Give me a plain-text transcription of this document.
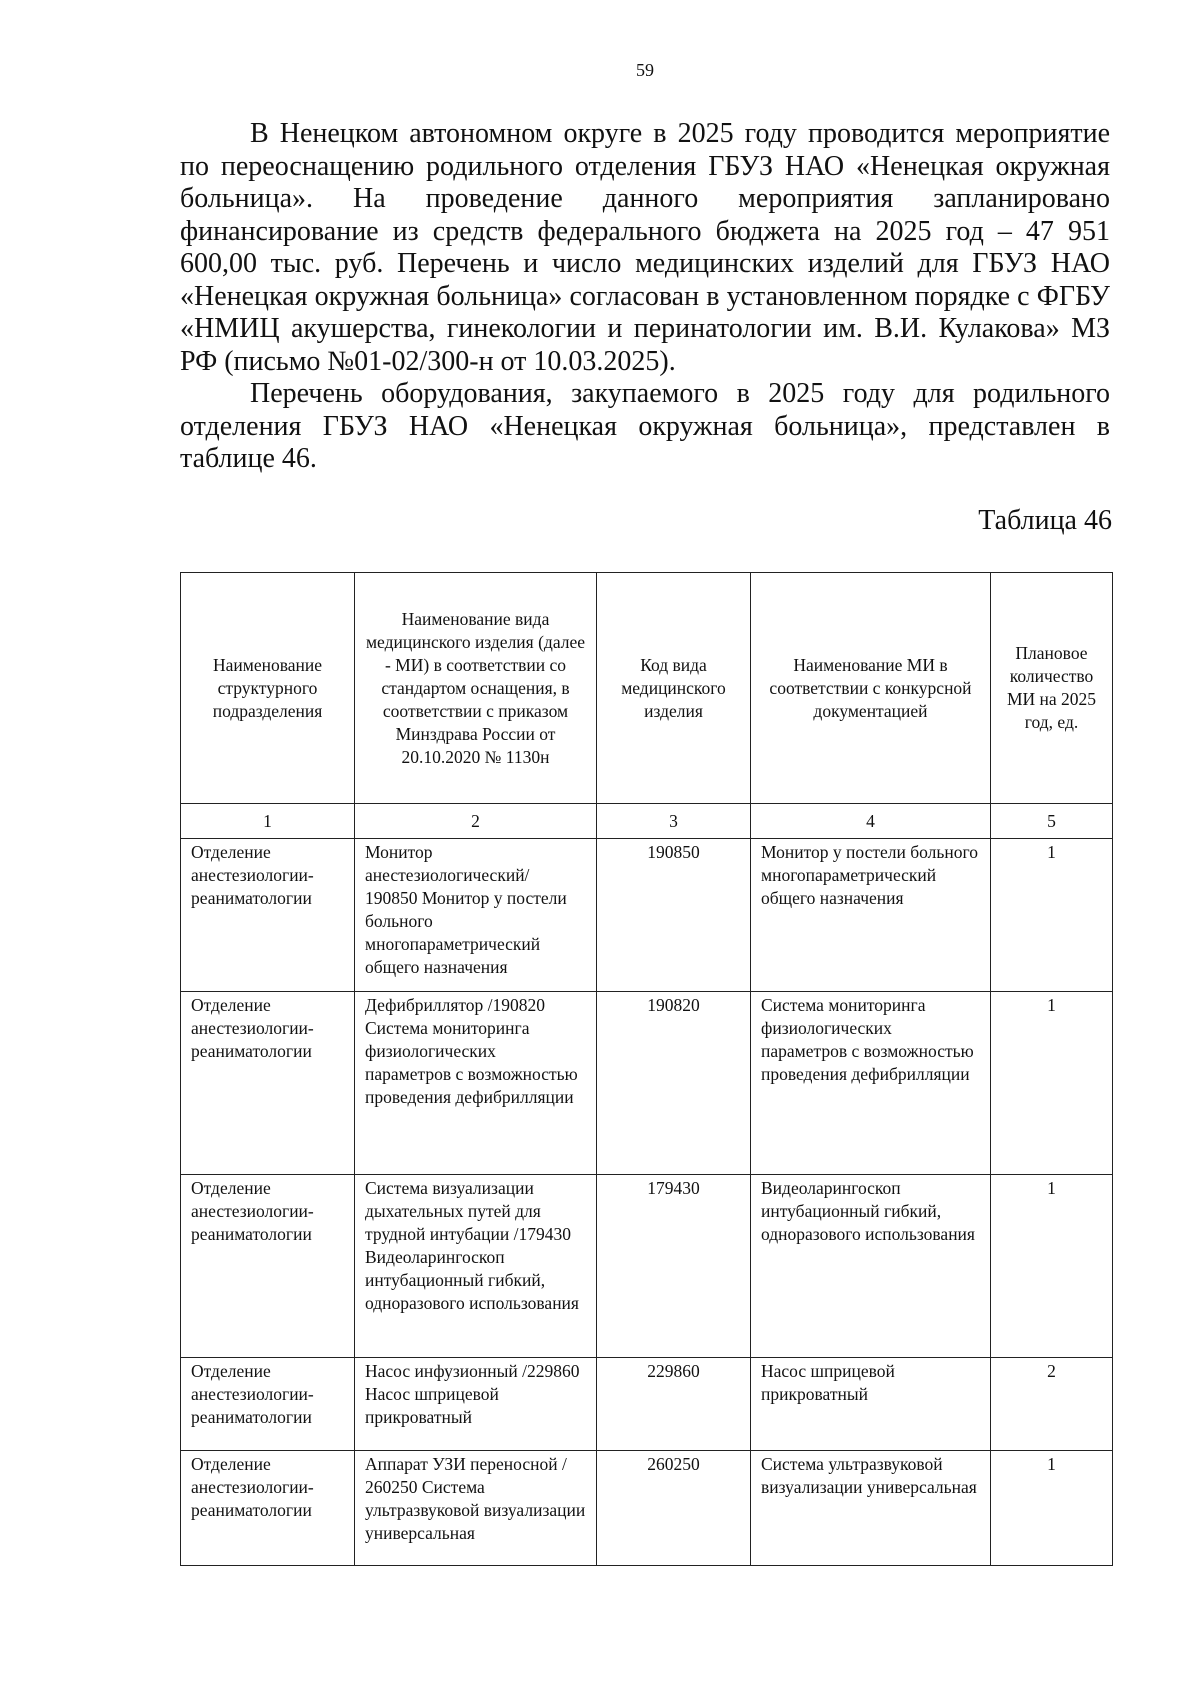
59

В Ненецком автономном округе в 2025 году проводится мероприятие по переоснащению родильного отделения ГБУЗ НАО «Ненецкая окружная больница». На проведение данного мероприятия запланировано финансирование из средств федерального бюджета на 2025 год – 47 951 600,00 тыс. руб. Перечень и число медицинских изделий для ГБУЗ НАО «Ненецкая окружная больница» согласован в установленном порядке с ФГБУ «НМИЦ акушерства, гинекологии и перинатологии им. В.И. Кулакова» МЗ РФ (письмо №01-02/300-н от 10.03.2025).

Перечень оборудования, закупаемого в 2025 году для родильного отделения ГБУЗ НАО «Ненецкая окружная больница», представлен в таблице 46.

Таблица 46
Наименование структурного подразделения	Наименование вида медицинского изделия (далее - МИ) в соответствии со стандартом оснащения, в соответствии с приказом Минздрава России от 20.10.2020 № 1130н	Код вида медицинского изделия	Наименование МИ в соответствии с конкурсной документацией	Плановое количество МИ на 2025 год, ед.
1	2	3	4	5
Отделение анестезиологии-реаниматологии	Монитор анестезиологический/ 190850 Монитор у постели больного многопараметрический общего назначения	190850	Монитор у постели больного многопараметрический общего назначения	1
Отделение анестезиологии-реаниматологии	Дефибриллятор /190820 Система мониторинга физиологических параметров с возможностью проведения дефибрилляции	190820	Система мониторинга физиологических параметров с возможностью проведения дефибрилляции	1
Отделение анестезиологии-реаниматологии	Система визуализации дыхательных путей для трудной интубации /179430 Видеоларингоскоп интубационный гибкий, одноразового использования	179430	Видеоларингоскоп интубационный гибкий, одноразового использования	1
Отделение анестезиологии-реаниматологии	Насос инфузионный /229860 Насос шприцевой прикроватный	229860	Насос шприцевой прикроватный	2
Отделение анестезиологии-реаниматологии	Аппарат УЗИ переносной / 260250 Система ультразвуковой визуализации универсальная	260250	Система ультразвуковой визуализации универсальная	1
